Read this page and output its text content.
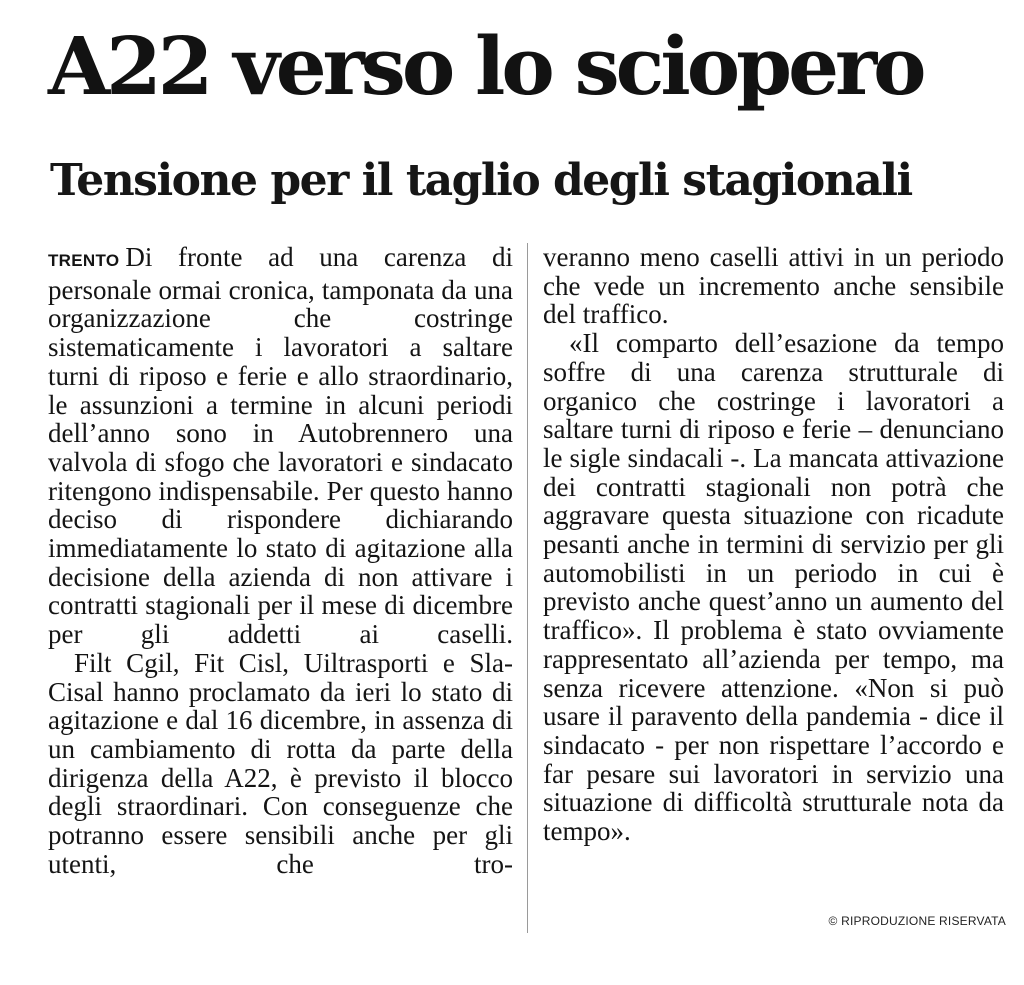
A22 verso lo sciopero
Tensione per il taglio degli stagionali

TRENTO Di fronte ad una carenza di personale ormai cronica, tamponata da una organizzazione che costringe sistematicamente i lavoratori a saltare turni di riposo e ferie e allo straordinario, le assunzioni a termine in alcuni periodi dell’anno sono in Autobrennero una valvola di sfogo che lavoratori e sindacato ritengono indispensabile. Per questo hanno deciso di rispondere dichiarando immediatamente lo stato di agitazione alla decisione della azienda di non attivare i contratti stagionali per il mese di dicembre per gli addetti ai caselli.

Filt Cgil, Fit Cisl, Uiltrasporti e Sla-Cisal hanno proclamato da ieri lo stato di agitazione e dal 16 dicembre, in assenza di un cambiamento di rotta da parte della dirigenza della A22, è previsto il blocco degli straordinari. Con conseguenze che potranno essere sensibili anche per gli utenti, che tro-

veranno meno caselli attivi in un periodo che vede un incremento anche sensibile del traffico.

«Il comparto dell’esazione da tempo soffre di una carenza strutturale di organico che costringe i lavoratori a saltare turni di riposo e ferie – denunciano le sigle sindacali -. La mancata attivazione dei contratti stagionali non potrà che aggravare questa situazione con ricadute pesanti anche in termini di servizio per gli automobilisti in un periodo in cui è previsto anche quest’anno un aumento del traffico». Il problema è stato ovviamente rappresentato all’azienda per tempo, ma senza ricevere attenzione. «Non si può usare il paravento della pandemia - dice il sindacato - per non rispettare l’accordo e far pesare sui lavoratori in servizio una situazione di difficoltà strutturale nota da tempo».

© RIPRODUZIONE RISERVATA
